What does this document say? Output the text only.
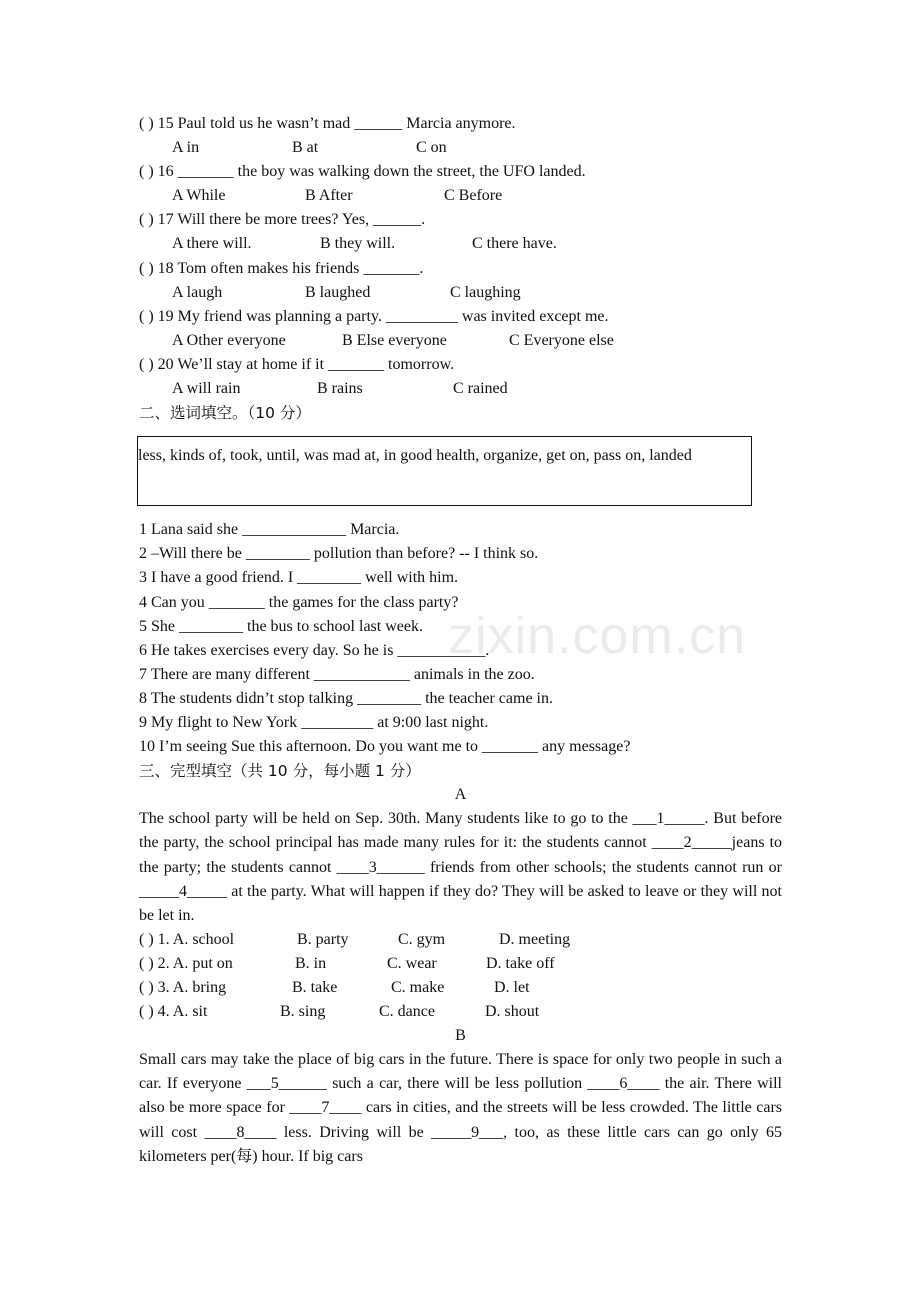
zixin.com.cn
( ) 15 Paul told us he wasn’t mad ______ Marcia anymore.
A in	B at	C on
( ) 16 _______ the boy was walking down the street, the UFO landed.
A While	B After	C Before
( ) 17 Will there be more trees? Yes, ______.
A there will.	B they will.	C there have.
( ) 18 Tom often makes his friends _______.
A laugh	B laughed	C laughing
( ) 19 My friend was planning a party. _________ was invited except me.
A Other everyone	B Else everyone	C Everyone else
( ) 20 We’ll stay at home if it _______ tomorrow.
A will rain	B rains	C rained
二、选词填空。（10 分）

less, kinds of, took, until, was mad at, in good health, organize, get on, pass on, landed

1 Lana said she _____________ Marcia.
2 –Will there be ________ pollution than before? -- I think so.
3 I have a good friend. I ________ well with him.
4 Can you _______ the games for the class party?
5 She ________ the bus to school last week.
6 He takes exercises every day. So he is ___________.
7 There are many different ____________ animals in the zoo.
8 The students didn’t stop talking ________ the teacher came in.
9 My flight to New York _________ at 9:00 last night.
10 I’m seeing Sue this afternoon. Do you want me to _______ any message?
三、完型填空（共 10 分，每小题 1 分）
A

The school party will be held on Sep. 30th. Many students like to go to the ___1_____. But before the party, the school principal has made many rules for it: the students cannot ____2_____jeans to the party; the students cannot ____3______ friends from other schools; the students cannot run or _____4_____ at the party. What will happen if they do? They will be asked to leave or they will not be let in.

( ) 1. A. school	B. party	C. gym	D. meeting
( ) 2. A. put on	B. in	C. wear	D. take off
( ) 3. A. bring	B. take	C. make	D. let
( ) 4. A. sit	B. sing	C. dance	D. shout
B

Small cars may take the place of big cars in the future. There is space for only two people in such a car. If everyone ___5______ such a car, there will be less pollution ____6____ the air. There will also be more space for ____7____ cars in cities, and the streets will be less crowded. The little cars will cost ____8____ less. Driving will be _____9___, too, as these little cars can go only 65 kilometers per(每) hour. If big cars
